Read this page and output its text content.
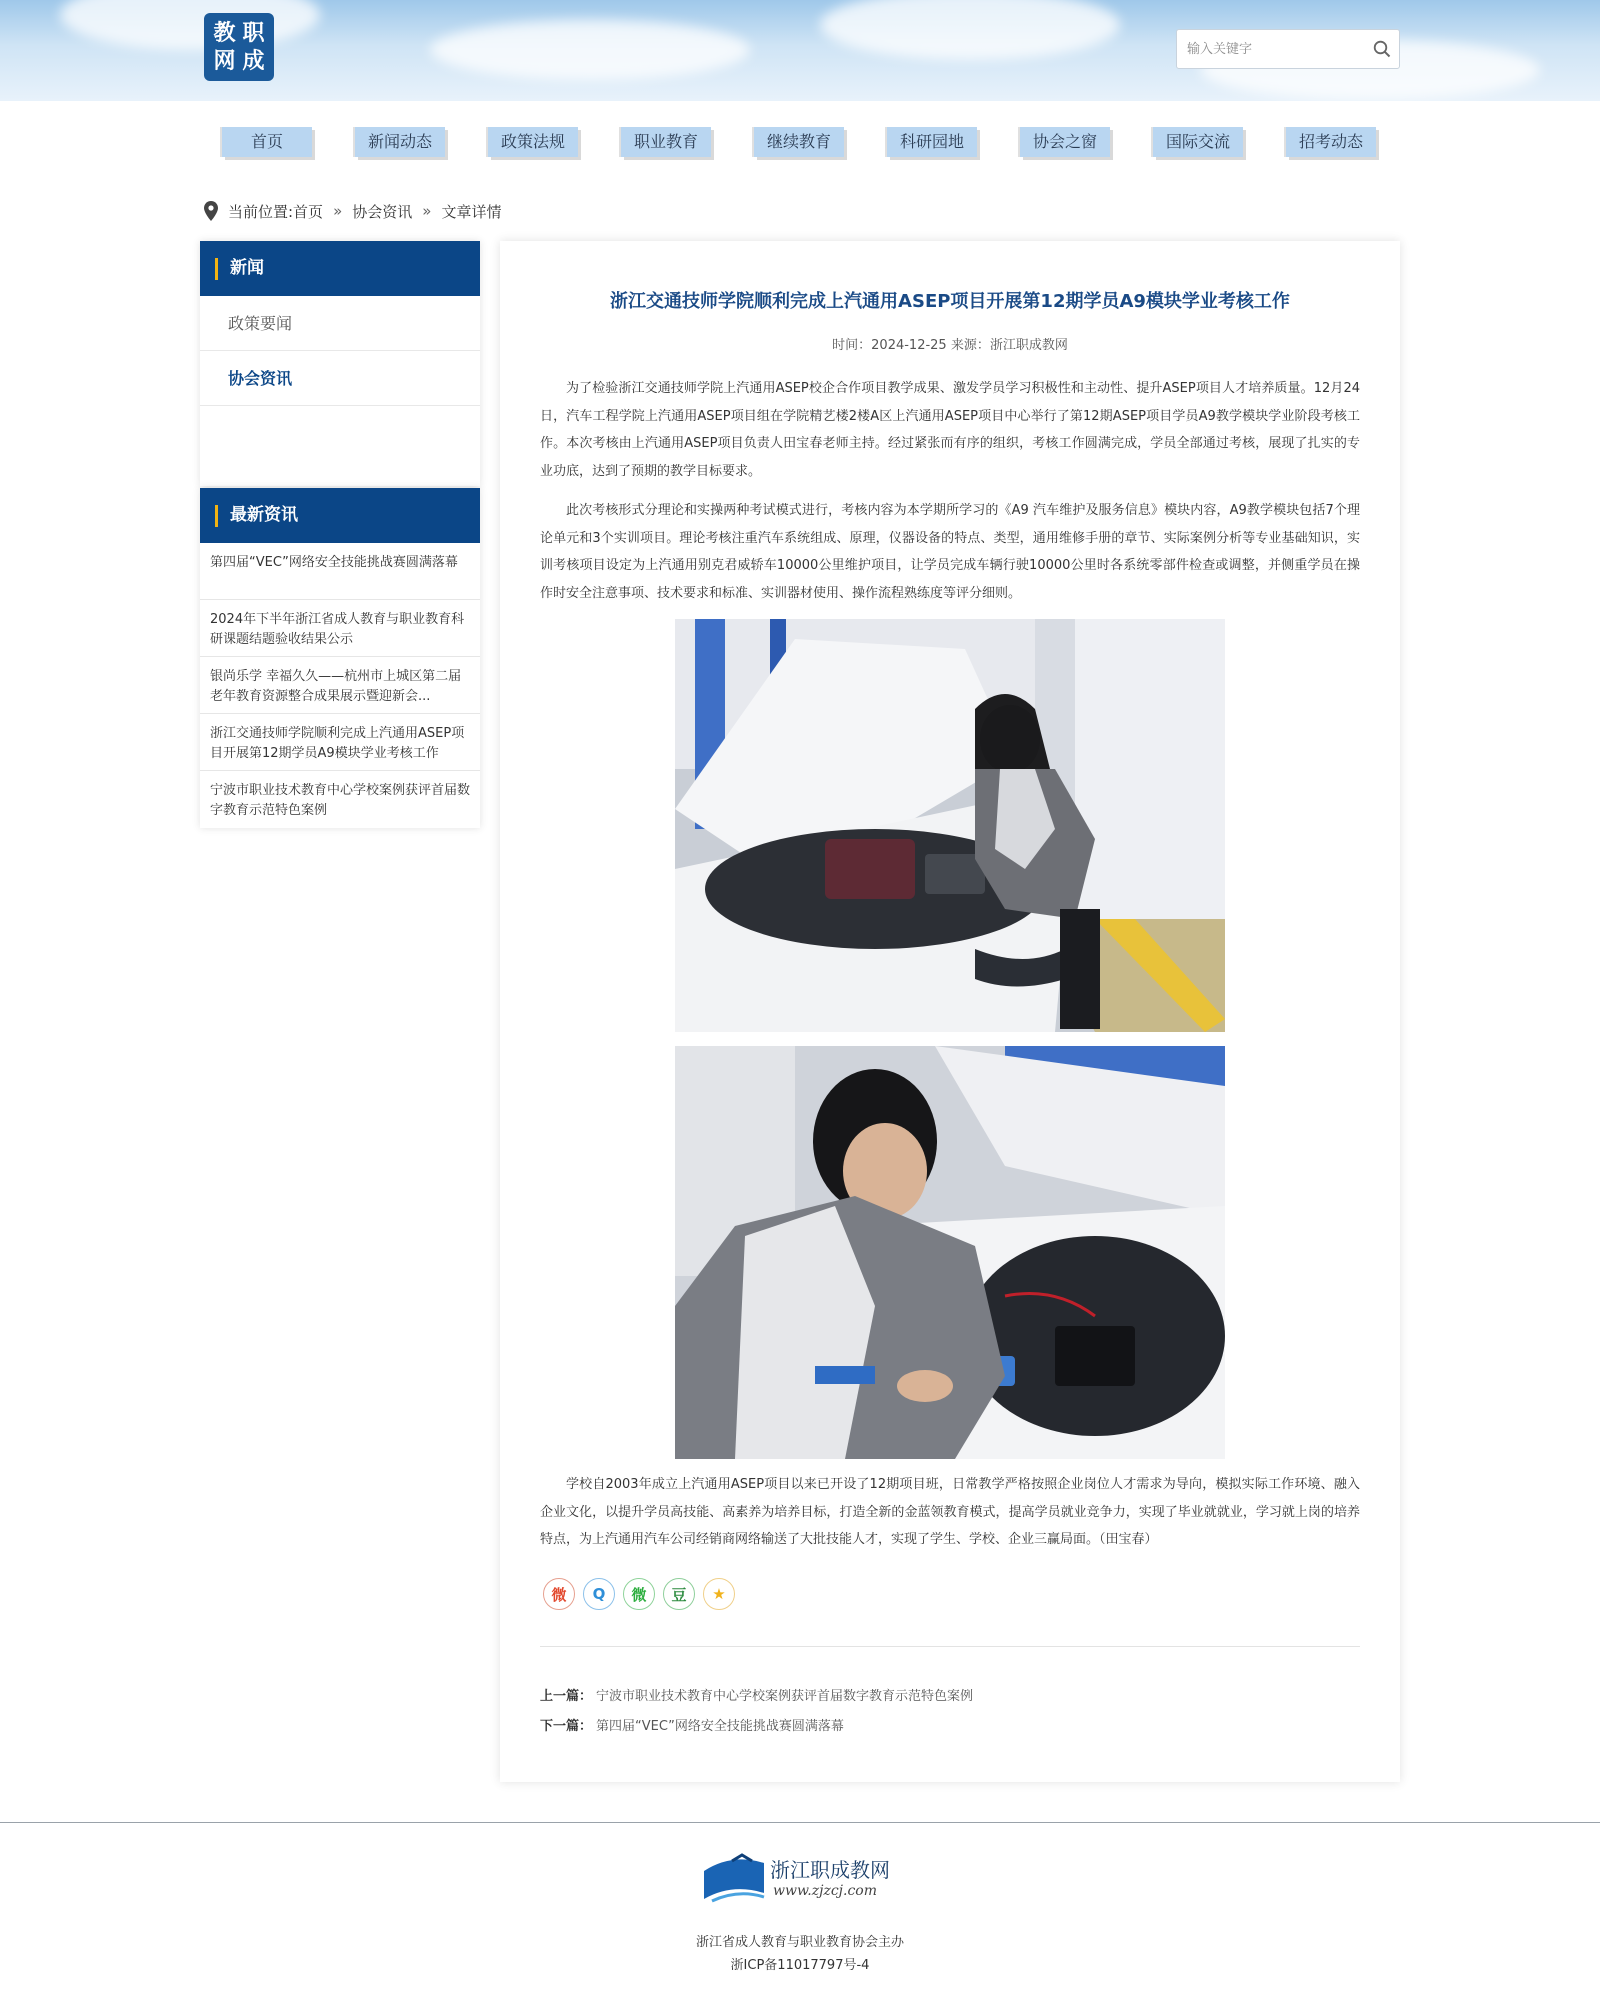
教 职
网 成
输入关键字
首页	新闻动态	政策法规	职业教育	继续教育	科研园地	协会之窗	国际交流	招考动态
当前位置:首页 » 协会资讯 » 文章详情
新闻
政策要闻
协会资讯
最新资讯
第四届“VEC”网络安全技能挑战赛圆满落幕
2024年下半年浙江省成人教育与职业教育科研课题结题验收结果公示
银尚乐学 幸福久久——杭州市上城区第二届老年教育资源整合成果展示暨迎新会...
浙江交通技师学院顺利完成上汽通用ASEP项目开展第12期学员A9模块学业考核工作
宁波市职业技术教育中心学校案例获评首届数字教育示范特色案例
浙江交通技师学院顺利完成上汽通用ASEP项目开展第12期学员A9模块学业考核工作
时间：2024-12-25 来源：浙江职成教网

为了检验浙江交通技师学院上汽通用ASEP校企合作项目教学成果、激发学员学习积极性和主动性、提升ASEP项目人才培养质量。12月24日，汽车工程学院上汽通用ASEP项目组在学院精艺楼2楼A区上汽通用ASEP项目中心举行了第12期ASEP项目学员A9教学模块学业阶段考核工作。本次考核由上汽通用ASEP项目负责人田宝春老师主持。经过紧张而有序的组织，考核工作圆满完成，学员全部通过考核，展现了扎实的专业功底，达到了预期的教学目标要求。

此次考核形式分理论和实操两种考试模式进行，考核内容为本学期所学习的《A9 汽车维护及服务信息》模块内容，A9教学模块包括7个理论单元和3个实训项目。理论考核注重汽车系统组成、原理，仪器设备的特点、类型，通用维修手册的章节、实际案例分析等专业基础知识，实训考核项目设定为上汽通用别克君威轿车10000公里维护项目，让学员完成车辆行驶10000公里时各系统零部件检查或调整，并侧重学员在操作时安全注意事项、技术要求和标准、实训器材使用、操作流程熟练度等评分细则。

学校自2003年成立上汽通用ASEP项目以来已开设了12期项目班，日常教学严格按照企业岗位人才需求为导向，模拟实际工作环境、融入企业文化，以提升学员高技能、高素养为培养目标，打造全新的金蓝领教育模式，提高学员就业竞争力，实现了毕业就就业，学习就上岗的培养特点，为上汽通用汽车公司经销商网络输送了大批技能人才，实现了学生、学校、企业三赢局面。（田宝春）

微	Q	微	豆	★
上一篇： 宁波市职业技术教育中心学校案例获评首届数字教育示范特色案例
下一篇： 第四届“VEC”网络安全技能挑战赛圆满落幕
浙江职成教网
www.zjzcj.com
浙江省成人教育与职业教育协会主办
浙ICP备11017797号-4
